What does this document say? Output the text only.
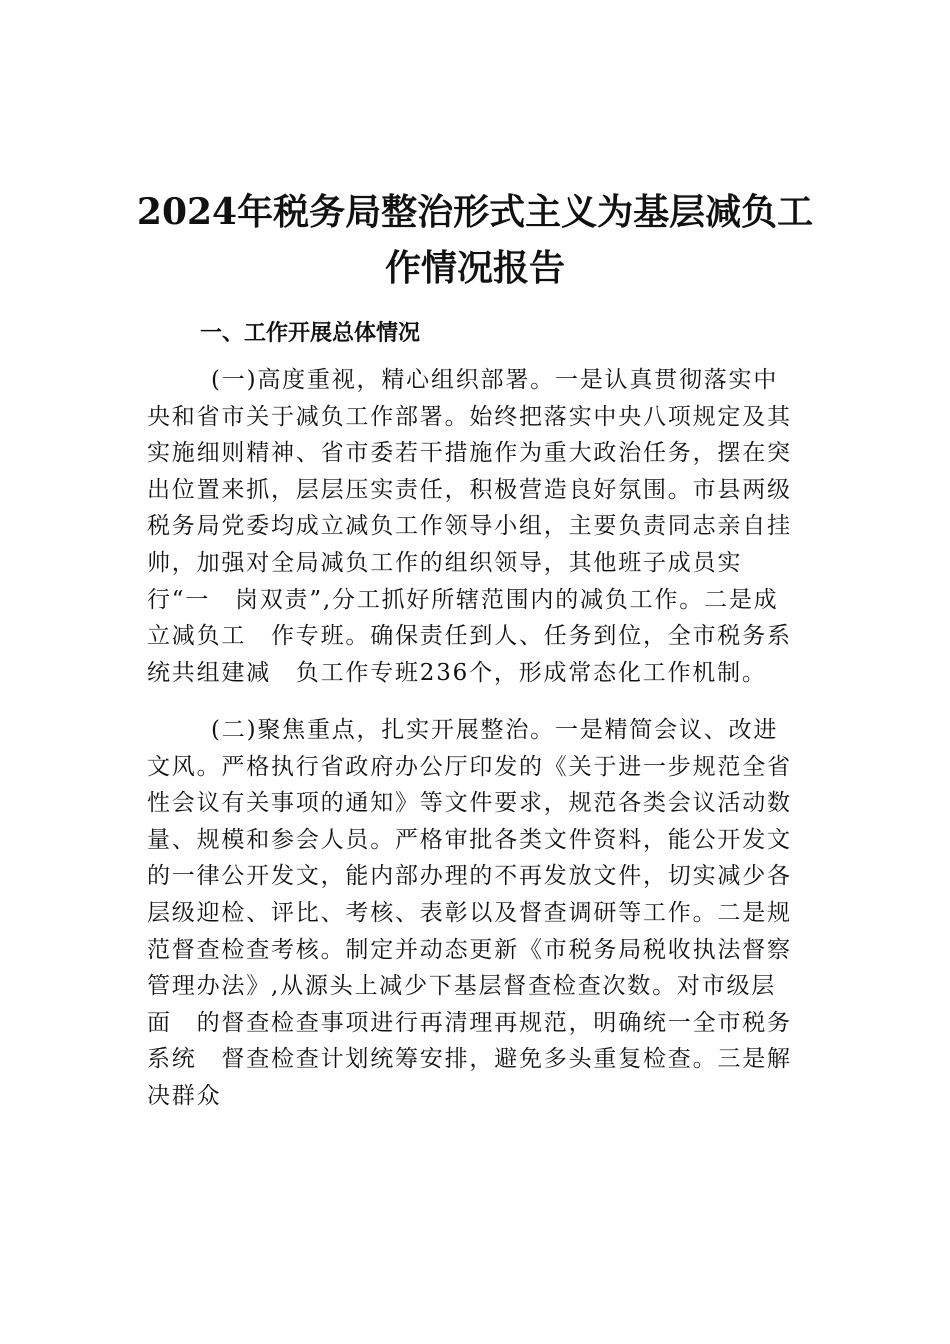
2024年税务局整治形式主义为基层减负工
作情况报告
一、工作开展总体情况
(一)高度重视，精心组织部署。一是认真贯彻落实中
央和省市关于减负工作部署。始终把落实中央八项规定及其
实施细则精神、省市委若干措施作为重大政治任务，摆在突
出位置来抓，层层压实责任，积极营造良好氛围。市县两级
税务局党委均成立减负工作领导小组，主要负责同志亲自挂
帅，加强对全局减负工作的组织领导，其他班子成员实
行“一　岗双责”,分工抓好所辖范围内的减负工作。二是成
立减负工　作专班。确保责任到人、任务到位，全市税务系
统共组建减　负工作专班236个，形成常态化工作机制。
(二)聚焦重点，扎实开展整治。一是精简会议、改进
文风。严格执行省政府办公厅印发的《关于进一步规范全省
性会议有关事项的通知》等文件要求，规范各类会议活动数
量、规模和参会人员。严格审批各类文件资料，能公开发文
的一律公开发文，能内部办理的不再发放文件，切实减少各
层级迎检、评比、考核、表彰以及督查调研等工作。二是规
范督查检查考核。制定并动态更新《市税务局税收执法督察
管理办法》,从源头上减少下基层督查检查次数。对市级层
面　的督查检查事项进行再清理再规范，明确统一全市税务
系统　督查检查计划统筹安排，避免多头重复检查。三是解
决群众
